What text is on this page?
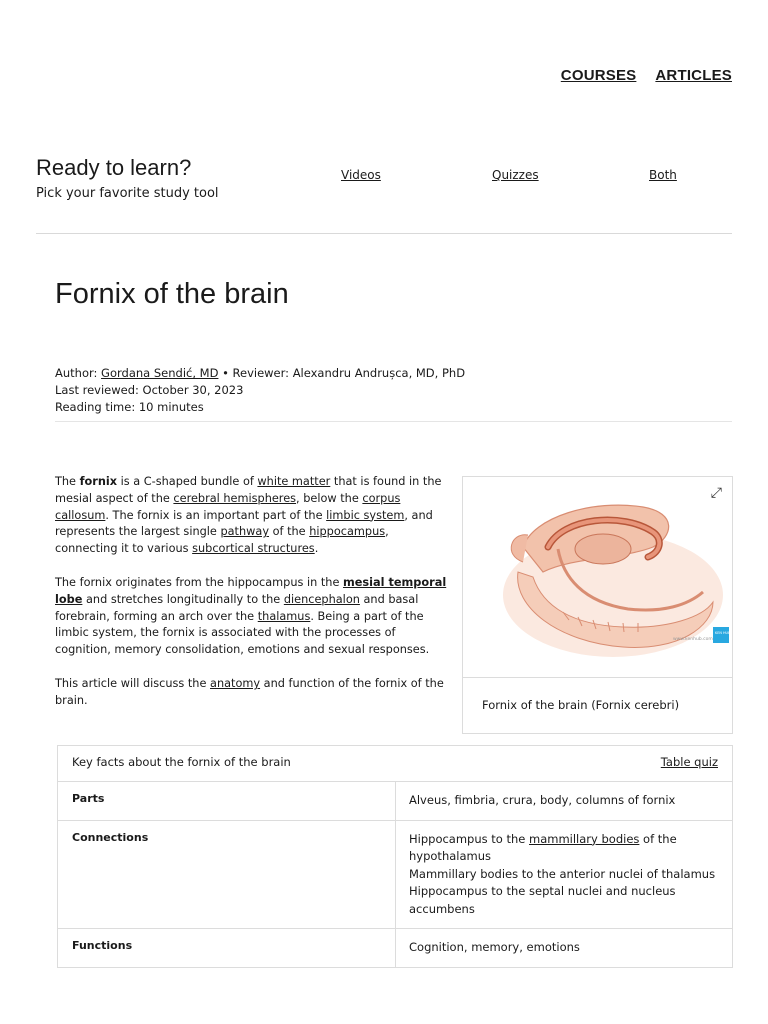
COURSES ARTICLES
Ready to learn?

Pick your favorite study tool

Videos	Quizzes	Both
Fornix of the brain
Author: Gordana Sendić, MD • Reviewer: Alexandru Andrușca, MD, PhD
Last reviewed: October 30, 2023
Reading time: 10 minutes

The fornix is a C-shaped bundle of white matter that is found in the mesial aspect of the cerebral hemispheres, below the corpus callosum. The fornix is an important part of the limbic system, and represents the largest single pathway of the hippocampus, connecting it to various subcortical structures.

The fornix originates from the hippocampus in the mesial temporal lobe and stretches longitudinally to the diencephalon and basal forebrain, forming an arch over the thalamus. Being a part of the limbic system, the fornix is associated with the processes of cognition, memory consolidation, emotions and sexual responses.

This article will discuss the anatomy and function of the fornix of the brain.

www.kenhub.com
KEN HUB
⤢
Fornix of the brain (Fornix cerebri)
Key facts about the fornix of the brain	Table quiz
Parts	Alveus, fimbria, crura, body, columns of fornix
Connections	Hippocampus to the mammillary bodies of the hypothalamus
Mammillary bodies to the anterior nuclei of thalamus
Hippocampus to the septal nuclei and nucleus accumbens
Functions	Cognition, memory, emotions
